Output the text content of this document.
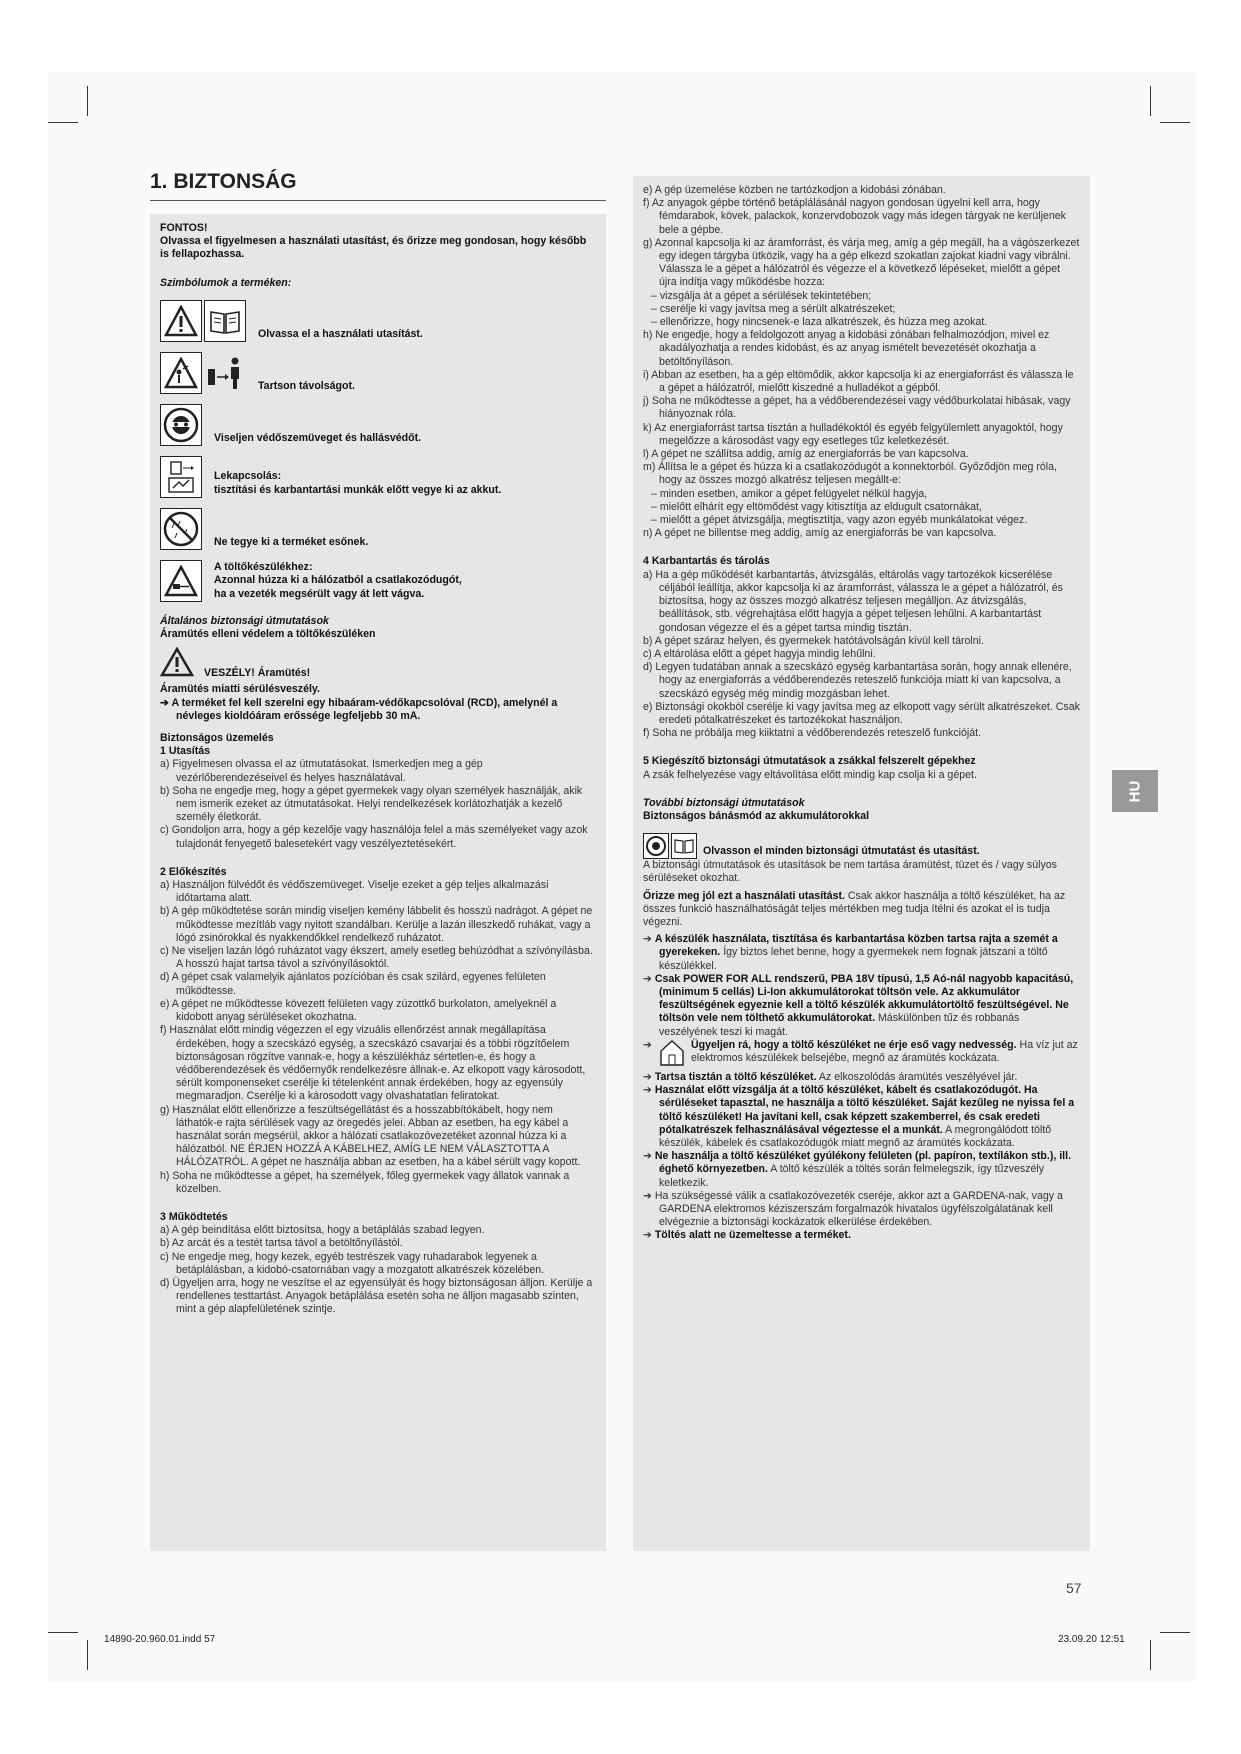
1. BIZTONSÁG

FONTOS!

Olvassa el figyelmesen a használati utasítást, és őrizze meg gondosan, hogy később is fellapozhassa.

Szimbólumok a terméken:

Olvassa el a használati utasítást.
Tartson távolságot.
Viseljen védőszemüveget és hallásvédőt.
Lekapcsolás:
tisztítási és karbantartási munkák előtt vegye ki az akkut.
Ne tegye ki a terméket esőnek.
A töltőkészülékhez:
Azonnal húzza ki a hálózatból a csatlakozódugót,
ha a vezeték megsérült vagy át lett vágva.

Általános biztonsági útmutatások

Áramütés elleni védelem a töltőkészüléken

VESZÉLY! Áramütés!

Áramütés miatti sérülésveszély.

➔ A terméket fel kell szerelni egy hibaáram-védőkapcsolóval (RCD), amelynél a névleges kioldóáram erőssége legfeljebb 30 mA.

Biztonságos üzemelés

1 Utasítás

a) Figyelmesen olvassa el az útmutatásokat. Ismerkedjen meg a gép vezérlőberendezéseivel és helyes használatával.

b) Soha ne engedje meg, hogy a gépet gyermekek vagy olyan személyek használják, akik nem ismerik ezeket az útmutatásokat. Helyi rendelkezések korlátozhatják a kezelő személy életkorát.

c) Gondoljon arra, hogy a gép kezelője vagy használója felel a más személyeket vagy azok tulajdonát fenyegető balesetekért vagy veszélyeztetésekért.

2 Előkészítés

a) Használjon fülvédőt és védőszemüveget. Viselje ezeket a gép teljes alkalmazási időtartama alatt.

b) A gép működtetése során mindig viseljen kemény lábbelit és hosszú nadrágot. A gépet ne működtesse mezítláb vagy nyitott szandálban. Kerülje a lazán illeszkedő ruhákat, vagy a lógó zsinórokkal és nyakkendőkkel rendelkező ruházatot.

c) Ne viseljen lazán lógó ruházatot vagy ékszert, amely esetleg behúzódhat a szívónyílásba. A hosszú hajat tartsa távol a szívónyílásoktól.

d) A gépet csak valamelyik ajánlatos pozícióban és csak szilárd, egyenes felületen működtesse.

e) A gépet ne működtesse kövezett felületen vagy zúzottkő burkolaton, amelyeknél a kidobott anyag sérüléseket okozhatna.

f) Használat előtt mindig végezzen el egy vizuális ellenőrzést annak megállapítása érdekében, hogy a szecskázó egység, a szecskázó csavarjai és a többi rögzítőelem biztonságosan rögzítve vannak-e, hogy a készülékház sértetlen-e, és hogy a védőberendezések és védőernyők rendelkezésre állnak-e. Az elkopott vagy károsodott, sérült komponenseket cserélje ki tételenként annak érdekében, hogy az egyensúly megmaradjon. Cserélje ki a károsodott vagy olvashatatlan feliratokat.

g) Használat előtt ellenőrizze a feszültségellátást és a hosszabbítókábelt, hogy nem láthatók-e rajta sérülések vagy az öregedés jelei. Abban az esetben, ha egy kábel a használat során megsérül, akkor a hálózati csatlakozóvezetéket azonnal húzza ki a hálózatból. NE ÉRJEN HOZZÁ A KÁBELHEZ, AMÍG LE NEM VÁLASZTOTTA A HÁLÓZATRÓL. A gépet ne használja abban az esetben, ha a kábel sérült vagy kopott.

h) Soha ne működtesse a gépet, ha személyek, főleg gyermekek vagy állatok vannak a közelben.

3 Működtetés

a) A gép beindítása előtt biztosítsa, hogy a betáplálás szabad legyen.

b) Az arcát és a testét tartsa távol a betöltőnyílástól.

c) Ne engedje meg, hogy kezek, egyéb testrészek vagy ruhadarabok legyenek a betáplálásban, a kidobó-csatornában vagy a mozgatott alkatrészek közelében.

d) Ügyeljen arra, hogy ne veszítse el az egyensúlyát és hogy biztonságosan álljon. Kerülje a rendellenes testtartást. Anyagok betáplálása esetén soha ne álljon magasabb szinten, mint a gép alapfelületének szintje.

e) A gép üzemelése közben ne tartózkodjon a kidobási zónában.

f) Az anyagok gépbe történő betáplálásánál nagyon gondosan ügyelni kell arra, hogy fémdarabok, kövek, palackok, konzervdobozok vagy más idegen tárgyak ne kerüljenek bele a gépbe.

g) Azonnal kapcsolja ki az áramforrást, és várja meg, amíg a gép megáll, ha a vágószerkezet egy idegen tárgyba ütközik, vagy ha a gép elkezd szokatlan zajokat kiadni vagy vibrálni. Válassza le a gépet a hálózatról és végezze el a következő lépéseket, mielőtt a gépet újra indítja vagy működésbe hozza:

– vizsgálja át a gépet a sérülések tekintetében;

– cserélje ki vagy javítsa meg a sérült alkatrészeket;

– ellenőrizze, hogy nincsenek-e laza alkatrészek, és húzza meg azokat.

h) Ne engedje, hogy a feldolgozott anyag a kidobási zónában felhalmozódjon, mivel ez akadályozhatja a rendes kidobást, és az anyag ismételt bevezetését okozhatja a betöltőnyíláson.

i) Abban az esetben, ha a gép eltömődik, akkor kapcsolja ki az energiaforrást és válassza le a gépet a hálózatról, mielőtt kiszedné a hulladékot a gépből.

j) Soha ne működtesse a gépet, ha a védőberendezései vagy védőburkolatai hibásak, vagy hiányoznak róla.

k) Az energiaforrást tartsa tisztán a hulladékoktól és egyéb felgyülemlett anyagoktól, hogy megelőzze a károsodást vagy egy esetleges tűz keletkezését.

l) A gépet ne szállítsa addig, amíg az energiaforrás be van kapcsolva.

m) Állítsa le a gépet és húzza ki a csatlakozódugót a konnektorból. Győződjön meg róla, hogy az összes mozgó alkatrész teljesen megállt-e:

– minden esetben, amikor a gépet felügyelet nélkül hagyja,

– mielőtt elhárít egy eltömődést vagy kitisztítja az eldugult csatornákat,

– mielőtt a gépet átvizsgálja, megtisztítja, vagy azon egyéb munkálatokat végez.

n) A gépet ne billentse meg addig, amíg az energiaforrás be van kapcsolva.

4 Karbantartás és tárolás

a) Ha a gép működését karbantartás, átvizsgálás, eltárolás vagy tartozékok kicserélése céljából leállítja, akkor kapcsolja ki az áramforrást, válassza le a gépet a hálózatról, és biztosítsa, hogy az összes mozgó alkatrész teljesen megálljon. Az átvizsgálás, beállítások, stb. végrehajtása előtt hagyja a gépet teljesen lehűlni. A karbantartást gondosan végezze el és a gépet tartsa mindig tisztán.

b) A gépet száraz helyen, és gyermekek hatótávolságán kívül kell tárolni.

c) A eltárolása előtt a gépet hagyja mindig lehűlni.

d) Legyen tudatában annak a szecskázó egység karbantartása során, hogy annak ellenére, hogy az energiaforrás a védőberendezés reteszelő funkciója miatt ki van kapcsolva, a szecskázó egység még mindig mozgásban lehet.

e) Biztonsági okokból cserélje ki vagy javítsa meg az elkopott vagy sérült alkatrészeket. Csak eredeti pótalkatrészeket és tartozékokat használjon.

f) Soha ne próbálja meg kiiktatni a védőberendezés reteszelő funkcióját.

5 Kiegészítő biztonsági útmutatások a zsákkal felszerelt gépekhez

A zsák felhelyezése vagy eltávolítása előtt mindig kap csolja ki a gépet.

További biztonsági útmutatások

Biztonságos bánásmód az akkumulátorokkal

Olvasson el minden biztonsági útmutatást és utasítást.

A biztonsági útmutatások és utasítások be nem tartása áramütést, tüzet és / vagy súlyos sérüléseket okozhat.

Őrizze meg jól ezt a használati utasítást. Csak akkor használja a töltő készüléket, ha az összes funkció használhatóságát teljes mértékben meg tudja ítélni és azokat el is tudja végezni.

➔ A készülék használata, tisztítása és karbantartása közben tartsa rajta a szemét a gyerekeken. Így biztos lehet benne, hogy a gyermekek nem fognak játszani a töltő készülékkel.

➔ Csak POWER FOR ALL rendszerű, PBA 18V típusú, 1,5 Aó-nál nagyobb kapacitású, (minimum 5 cellás) Li-Ion akkumulátorokat töltsön vele. Az akkumulátor feszültségének egyeznie kell a töltő készülék akkumulátortöltő feszültségével. Ne töltsön vele nem tölthető akkumulátorokat. Máskülönben tűz és robbanás veszélyének teszi ki magát.

➔	Ügyeljen rá, hogy a töltő készüléket ne érje eső vagy nedvesség. Ha víz jut az elektromos készülékek belsejébe, megnő az áramütés kockázata.

➔ Tartsa tisztán a töltő készüléket. Az elkoszolódás áramütés veszélyével jár.

➔ Használat előtt vizsgálja át a töltő készüléket, kábelt és csatlakozódugót. Ha sérüléseket tapasztal, ne használja a töltő készüléket. Saját kezűleg ne nyissa fel a töltő készüléket! Ha javítani kell, csak képzett szakemberrel, és csak eredeti pótalkatrészek felhasználásával végeztesse el a munkát. A megrongálódott töltő készülék, kábelek és csatlakozódugók miatt megnő az áramütés kockázata.

➔ Ne használja a töltő készüléket gyúlékony felületen (pl. papíron, textílákon stb.), ill. éghető környezetben. A töltő készülék a töltés során felmelegszik, így tűzveszély keletkezik.

➔ Ha szükségessé válik a csatlakozóvezeték cseréje, akkor azt a GARDENA-nak, vagy a GARDENA elektromos kéziszerszám forgalmazók hivatalos ügyfélszolgálatának kell elvégeznie a biztonsági kockázatok elkerülése érdekében.

➔ Töltés alatt ne üzemeltesse a terméket.

HU
57
14890-20.960.01.indd 57	23.09.20 12:51
